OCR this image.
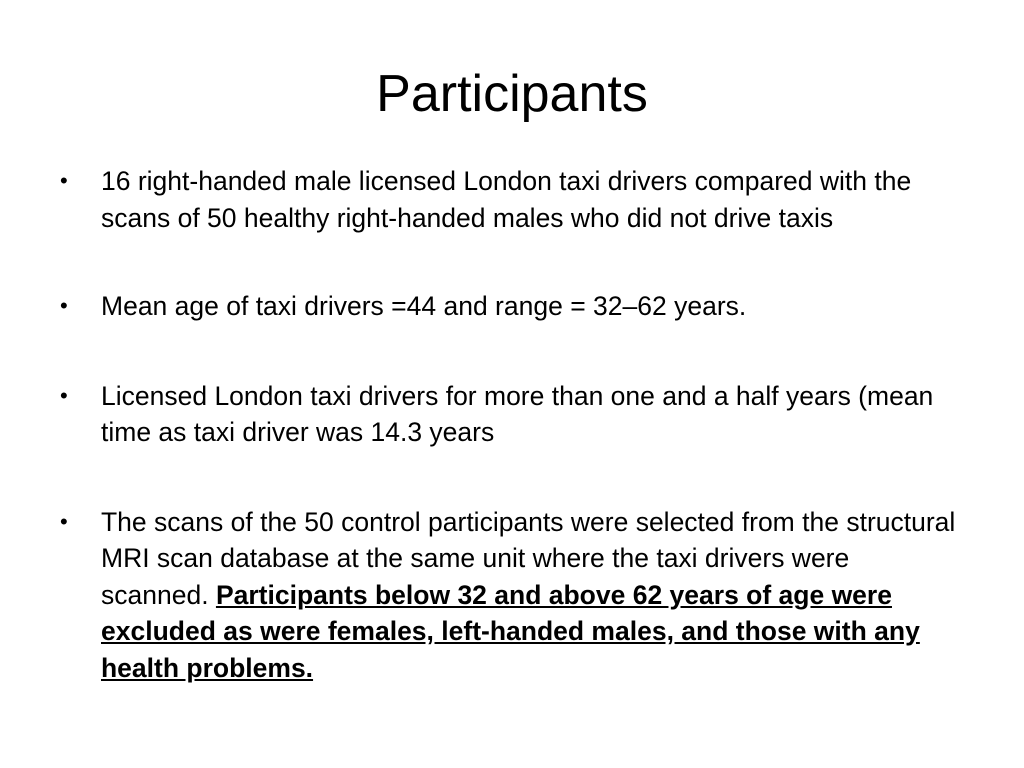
Participants
•	16 right-handed male licensed London taxi drivers compared with the scans of 50 healthy right-handed males who did not drive taxis
•	Mean age of taxi drivers =44 and range = 32–62 years.
•	Licensed London taxi drivers for more than one and a half years (mean time as taxi driver was 14.3 years
•	The scans of the 50 control participants were selected from the structural MRI scan database at the same unit where the taxi drivers were scanned. Participants below 32 and above 62 years of age were excluded as were females, left-handed males, and those with any health problems.
